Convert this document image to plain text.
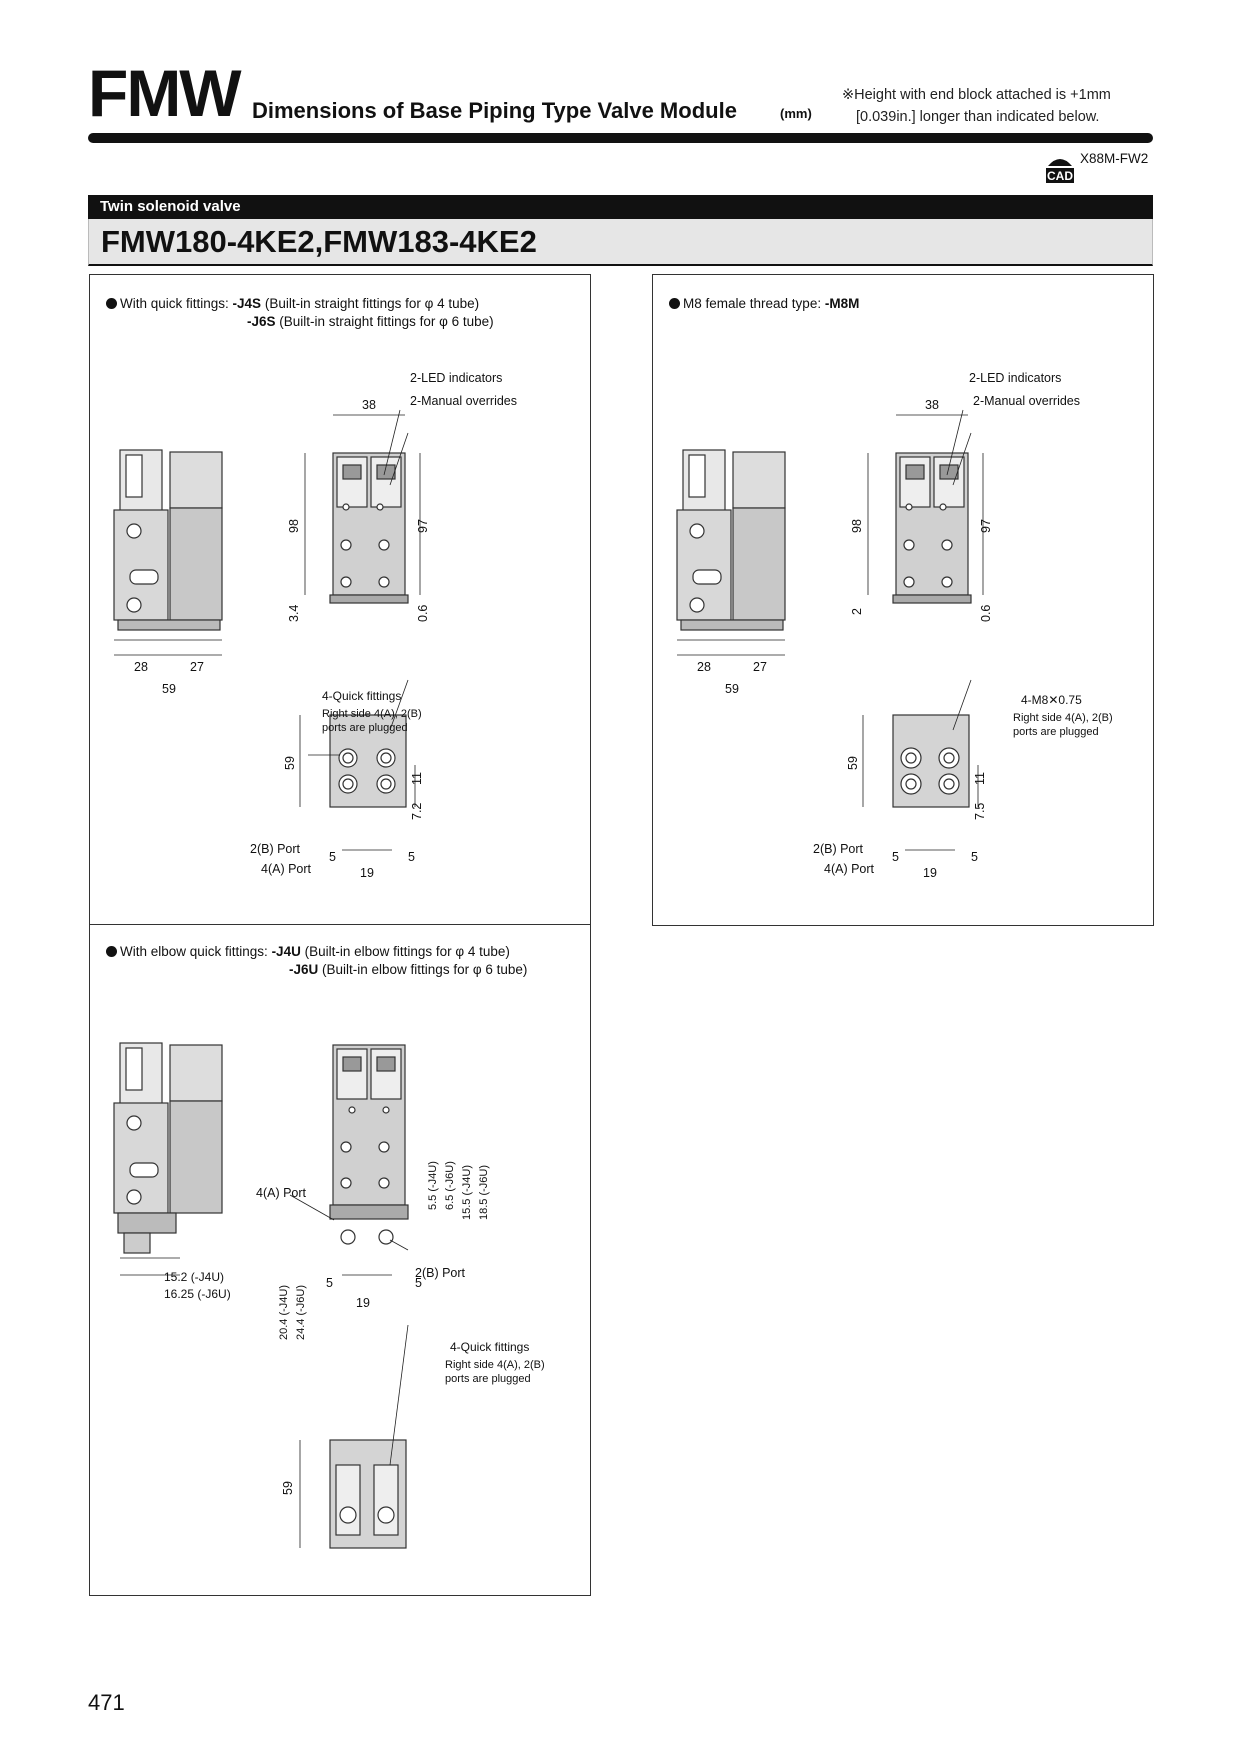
FMW Dimensions of Base Piping Type Valve Module	(mm)
※Height with end block attached is +1mm
[0.039in.] longer than indicated below.
CAD
X88M-FW2
Twin solenoid valve
FMW180-4KE2,FMW183-4KE2
With quick fittings: -J4S (Built-in straight fittings for φ 4 tube)
-J6S (Built-in straight fittings for φ 6 tube)
2-LED indicators
2-Manual overrides
38
98	97
3.4	0.6
28	27
59	4-Quick fittings
Right side 4(A), 2(B)
ports are plugged
59
11
7.2
2(B) Port
4(A) Port
5	5
19
M8 female thread type: -M8M
2-LED indicators
2-Manual overrides
38
98	97
2	0.6
28	27
59
4-M8✕0.75
Right side 4(A), 2(B)
ports are plugged
59
11
7.5
2(B) Port
4(A) Port
5	5
19
With elbow quick fittings: -J4U (Built-in elbow fittings for φ 4 tube)
-J6U (Built-in elbow fittings for φ 6 tube)
15.2 (-J4U)
16.25 (-J6U)
4(A) Port
2(B) Port
5.5 (-J4U) 6.5 (-J6U) 15.5 (-J4U) 18.5 (-J6U)
20.4 (-J4U) 24.4 (-J6U)
5	5
19
4-Quick fittings
Right side 4(A), 2(B)
ports are plugged
59
471
